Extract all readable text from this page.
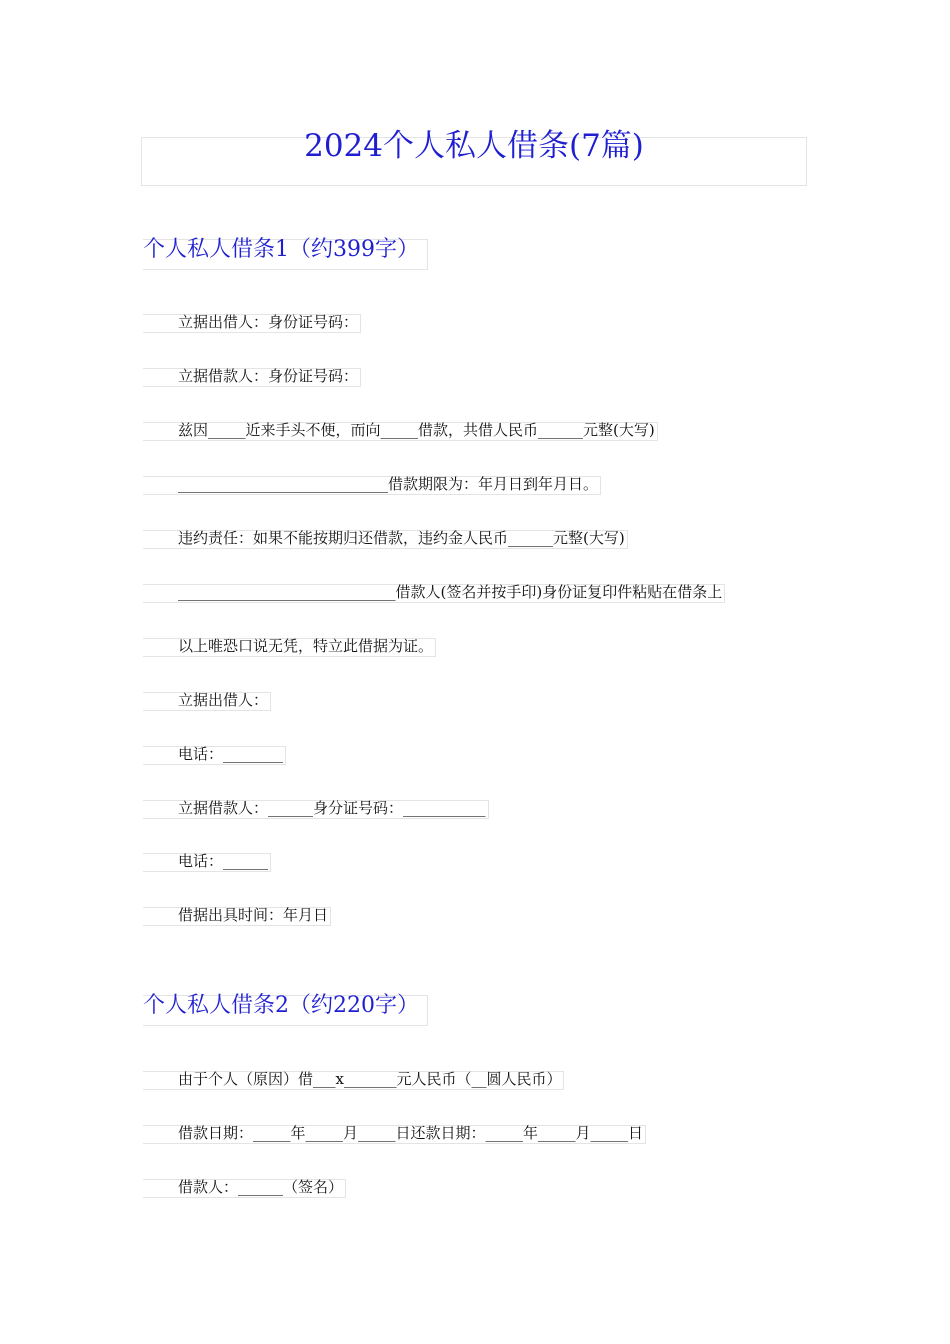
2024个人私人借条(7篇)
个人私人借条1（约399字）
立据出借人：身份证号码：
立据借款人：身份证号码：
兹因_____近来手头不便，而向_____借款，共借人民币______元整(大写)
____________________________借款期限为：年月日到年月日。
违约责任：如果不能按期归还借款，违约金人民币______元整(大写)
_____________________________借款人(签名并按手印)身份证复印件粘贴在借条上
以上唯恐口说无凭，特立此借据为证。
立据出借人：
电话：________
立据借款人：______身分证号码：___________
电话：______
借据出具时间：年月日
个人私人借条2（约220字）
由于个人（原因）借___x_______元人民币（__圆人民币）
借款日期：_____年_____月_____日还款日期：_____年_____月_____日
借款人：______（签名）
